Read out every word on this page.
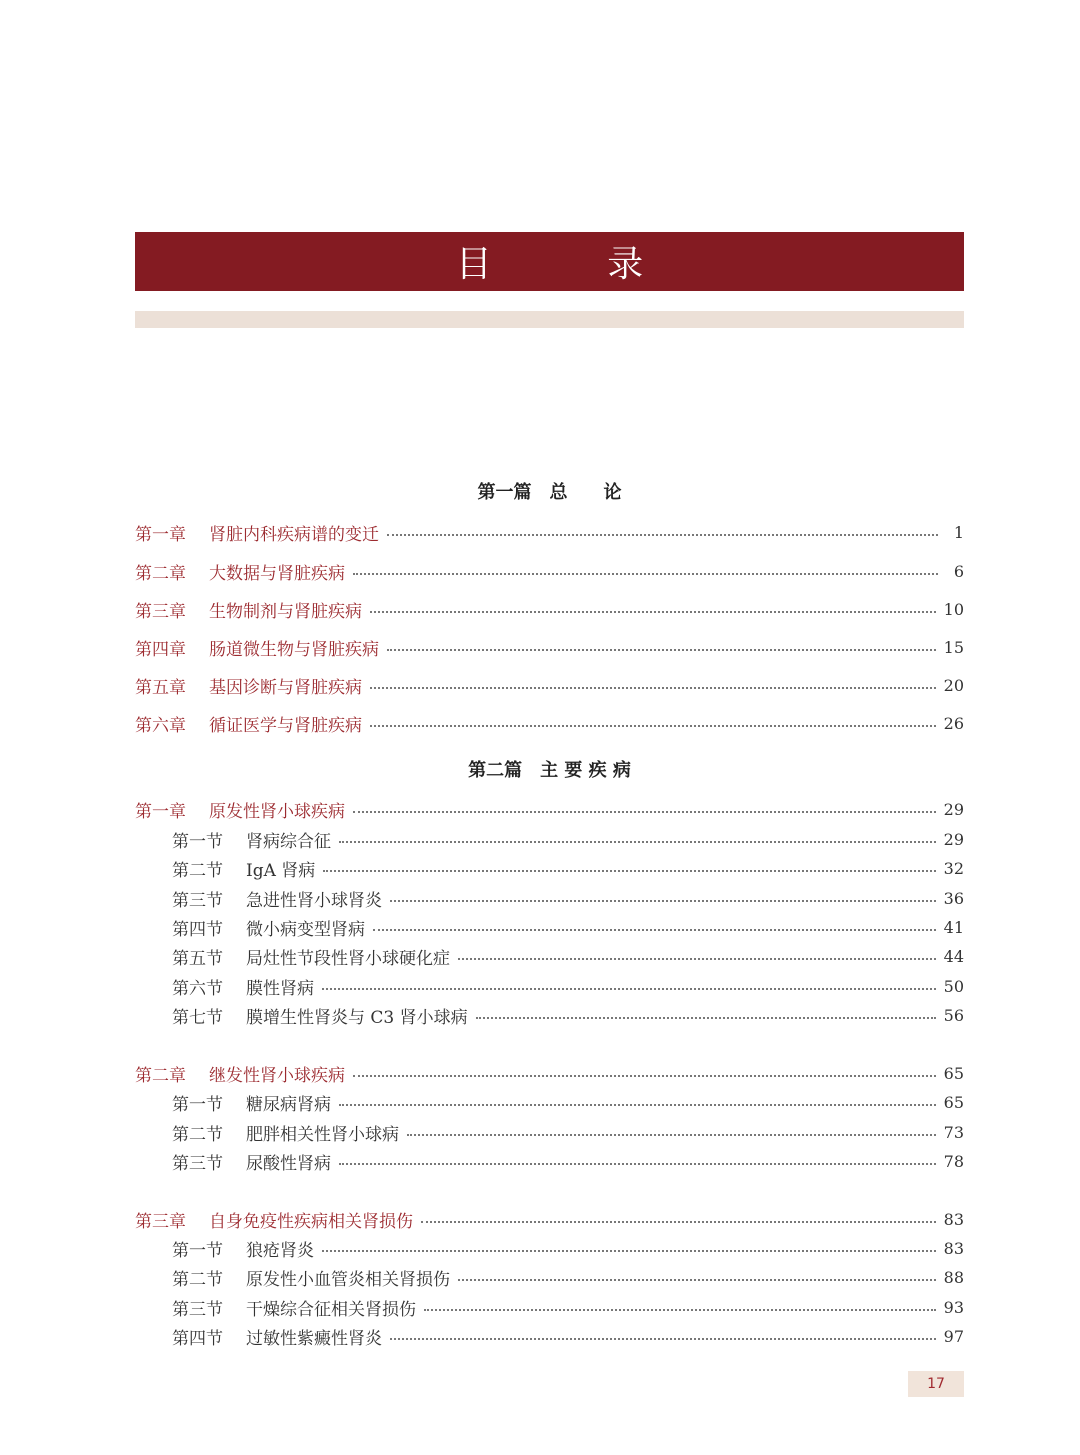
目 录
第一篇　总　　论
第一章	肾脏内科疾病谱的变迁	1
第二章	大数据与肾脏疾病	6
第三章	生物制剂与肾脏疾病	10
第四章	肠道微生物与肾脏疾病	15
第五章	基因诊断与肾脏疾病	20
第六章	循证医学与肾脏疾病	26
第二篇　主 要 疾 病
第一章	原发性肾小球疾病	29
第一节	肾病综合征	29
第二节	IgA 肾病	32
第三节	急进性肾小球肾炎	36
第四节	微小病变型肾病	41
第五节	局灶性节段性肾小球硬化症	44
第六节	膜性肾病	50
第七节	膜增生性肾炎与 C3 肾小球病	56
第二章	继发性肾小球疾病	65
第一节	糖尿病肾病	65
第二节	肥胖相关性肾小球病	73
第三节	尿酸性肾病	78
第三章	自身免疫性疾病相关肾损伤	83
第一节	狼疮肾炎	83
第二节	原发性小血管炎相关肾损伤	88
第三节	干燥综合征相关肾损伤	93
第四节	过敏性紫癜性肾炎	97
17
